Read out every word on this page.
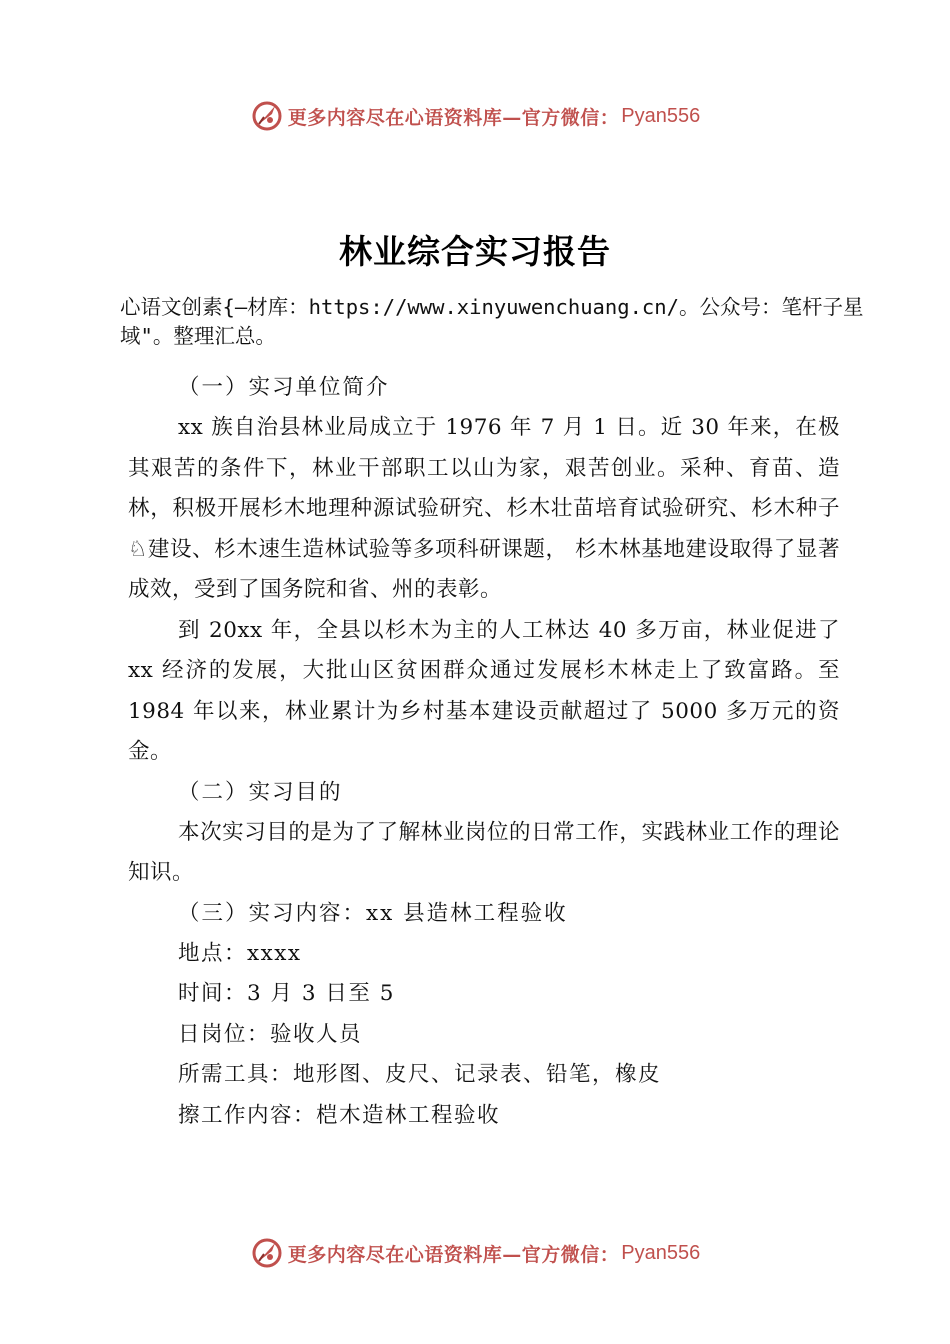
更多内容尽在心语资料库—官方微信： Pyan556
林业综合实习报告
心语文创素{—材库：https://www.xinyuwenchuang.cn/。公众号：笔杆子星域"。整理汇总。
（一）实习单位简介

xx 族自治县林业局成立于 1976 年 7 月 1 日。近 30 年来，在极其艰苦的条件下，林业干部职工以山为家，艰苦创业。采种、育苗、造林，积极开展杉木地理种源试验研究、杉木壮苗培育试验研究、杉木种子♘建设、杉木速生造林试验等多项科研课题， 杉木林基地建设取得了显著成效，受到了国务院和省、州的表彰。

到 20xx 年，全县以杉木为主的人工林达 40 多万亩，林业促进了 xx 经济的发展，大批山区贫困群众通过发展杉木林走上了致富路。至 1984 年以来，林业累计为乡村基本建设贡献超过了 5000 多万元的资金。

（二）实习目的

本次实习目的是为了了解林业岗位的日常工作，实践林业工作的理论知识。

（三）实习内容：xx 县造林工程验收
地点：xxxx
时间：3 月 3 日至 5
日岗位：验收人员
所需工具：地形图、皮尺、记录表、铅笔，橡皮
擦工作内容：桤木造林工程验收
更多内容尽在心语资料库—官方微信： Pyan556
